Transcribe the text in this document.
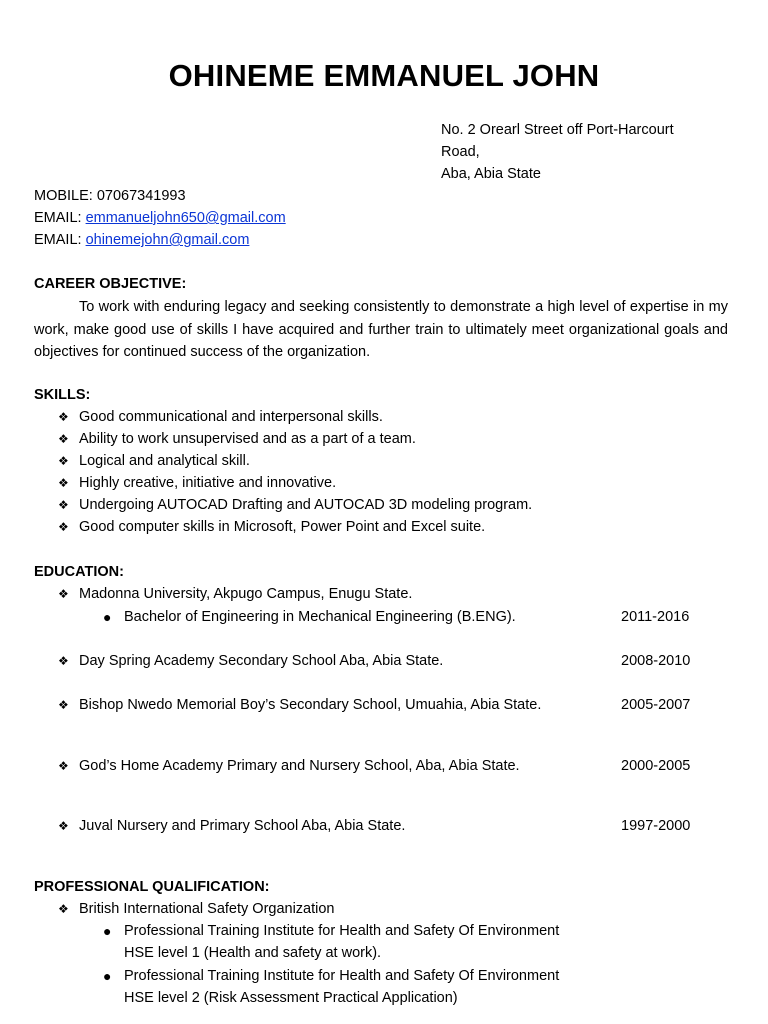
OHINEME EMMANUEL JOHN
No. 2 Orearl Street off Port-Harcourt
Road,
Aba, Abia State
MOBILE: 07067341993
EMAIL: emmanueljohn650@gmail.com
EMAIL: ohinemejohn@gmail.com
CAREER OBJECTIVE:
To work with enduring legacy and seeking consistently to demonstrate a high level of expertise in my work, make good use of skills I have acquired and further train to ultimately meet organizational goals and objectives for continued success of the organization.
SKILLS:
❖ Good communicational and interpersonal skills.
❖ Ability to work unsupervised and as a part of a team.
❖ Logical and analytical skill.
❖ Highly creative, initiative and innovative.
❖ Undergoing AUTOCAD Drafting and AUTOCAD 3D modeling program.
❖ Good computer skills in Microsoft, Power Point and Excel suite.
EDUCATION:
❖ Madonna University, Akpugo Campus, Enugu State.
● Bachelor of Engineering in Mechanical Engineering (B.ENG).	2011-2016
❖ Day Spring Academy Secondary School Aba, Abia State.	2008-2010
❖ Bishop Nwedo Memorial Boy’s Secondary School, Umuahia, Abia State.	2005-2007
❖ God’s Home Academy Primary and Nursery School, Aba, Abia State.	2000-2005
❖ Juval Nursery and Primary School Aba, Abia State.	1997-2000
PROFESSIONAL QUALIFICATION:
❖ British International Safety Organization
● Professional Training Institute for Health and Safety Of Environment
HSE level 1 (Health and safety at work).
● Professional Training Institute for Health and Safety Of Environment
HSE level 2 (Risk Assessment Practical Application)
